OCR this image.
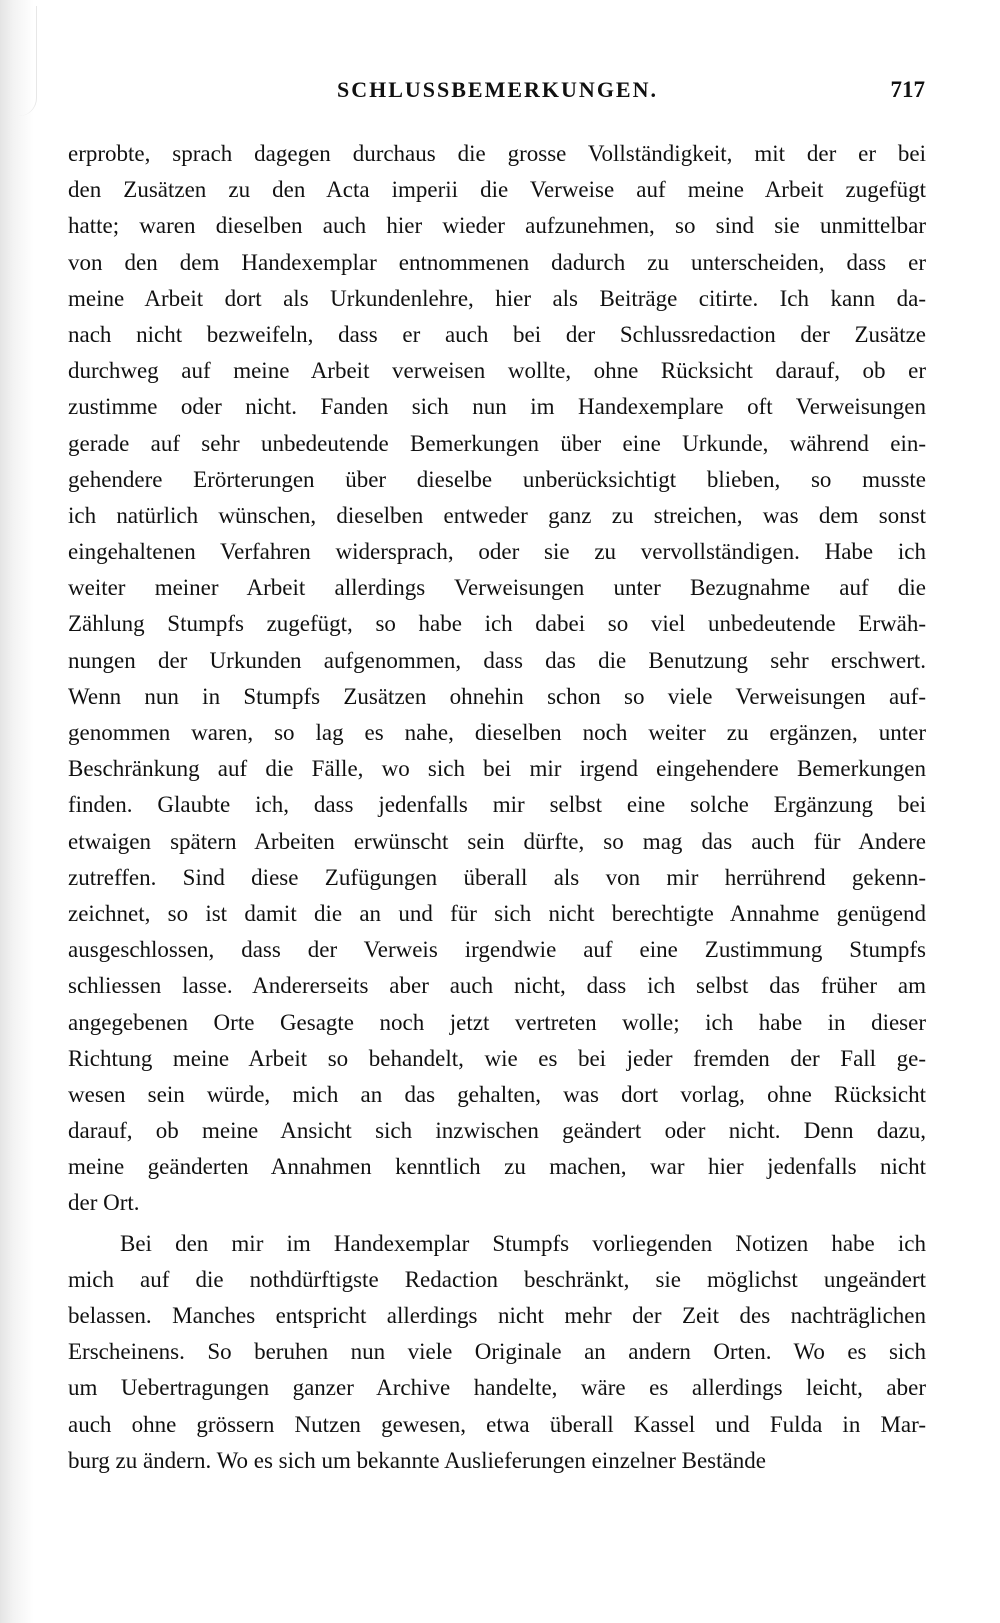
SCHLUSSBEMERKUNGEN.	717
erprobte, sprach dagegen durchaus die grosse Vollständigkeit, mit der er bei
den Zusätzen zu den Acta imperii die Verweise auf meine Arbeit zugefügt
hatte; waren dieselben auch hier wieder aufzunehmen, so sind sie unmittelbar
von den dem Handexemplar entnommenen dadurch zu unterscheiden, dass er
meine Arbeit dort als Urkundenlehre, hier als Beiträge citirte. Ich kann da-
nach nicht bezweifeln, dass er auch bei der Schlussredaction der Zusätze
durchweg auf meine Arbeit verweisen wollte, ohne Rücksicht darauf, ob er
zustimme oder nicht. Fanden sich nun im Handexemplare oft Verweisungen
gerade auf sehr unbedeutende Bemerkungen über eine Urkunde, während ein-
gehendere Erörterungen über dieselbe unberücksichtigt blieben, so musste
ich natürlich wünschen, dieselben entweder ganz zu streichen, was dem sonst
eingehaltenen Verfahren widersprach, oder sie zu vervollständigen. Habe ich
weiter meiner Arbeit allerdings Verweisungen unter Bezugnahme auf die
Zählung Stumpfs zugefügt, so habe ich dabei so viel unbedeutende Erwäh-
nungen der Urkunden aufgenommen, dass das die Benutzung sehr erschwert.
Wenn nun in Stumpfs Zusätzen ohnehin schon so viele Verweisungen auf-
genommen waren, so lag es nahe, dieselben noch weiter zu ergänzen, unter
Beschränkung auf die Fälle, wo sich bei mir irgend eingehendere Bemerkungen
finden. Glaubte ich, dass jedenfalls mir selbst eine solche Ergänzung bei
etwaigen spätern Arbeiten erwünscht sein dürfte, so mag das auch für Andere
zutreffen. Sind diese Zufügungen überall als von mir herrührend gekenn-
zeichnet, so ist damit die an und für sich nicht berechtigte Annahme genügend
ausgeschlossen, dass der Verweis irgendwie auf eine Zustimmung Stumpfs
schliessen lasse. Andererseits aber auch nicht, dass ich selbst das früher am
angegebenen Orte Gesagte noch jetzt vertreten wolle; ich habe in dieser
Richtung meine Arbeit so behandelt, wie es bei jeder fremden der Fall ge-
wesen sein würde, mich an das gehalten, was dort vorlag, ohne Rücksicht
darauf, ob meine Ansicht sich inzwischen geändert oder nicht. Denn dazu,
meine geänderten Annahmen kenntlich zu machen, war hier jedenfalls nicht
der Ort.
Bei den mir im Handexemplar Stumpfs vorliegenden Notizen habe ich
mich auf die nothdürftigste Redaction beschränkt, sie möglichst ungeändert
belassen. Manches entspricht allerdings nicht mehr der Zeit des nachträglichen
Erscheinens. So beruhen nun viele Originale an andern Orten. Wo es sich
um Uebertragungen ganzer Archive handelte, wäre es allerdings leicht, aber
auch ohne grössern Nutzen gewesen, etwa überall Kassel und Fulda in Mar-
burg zu ändern. Wo es sich um bekannte Auslieferungen einzelner Bestände
